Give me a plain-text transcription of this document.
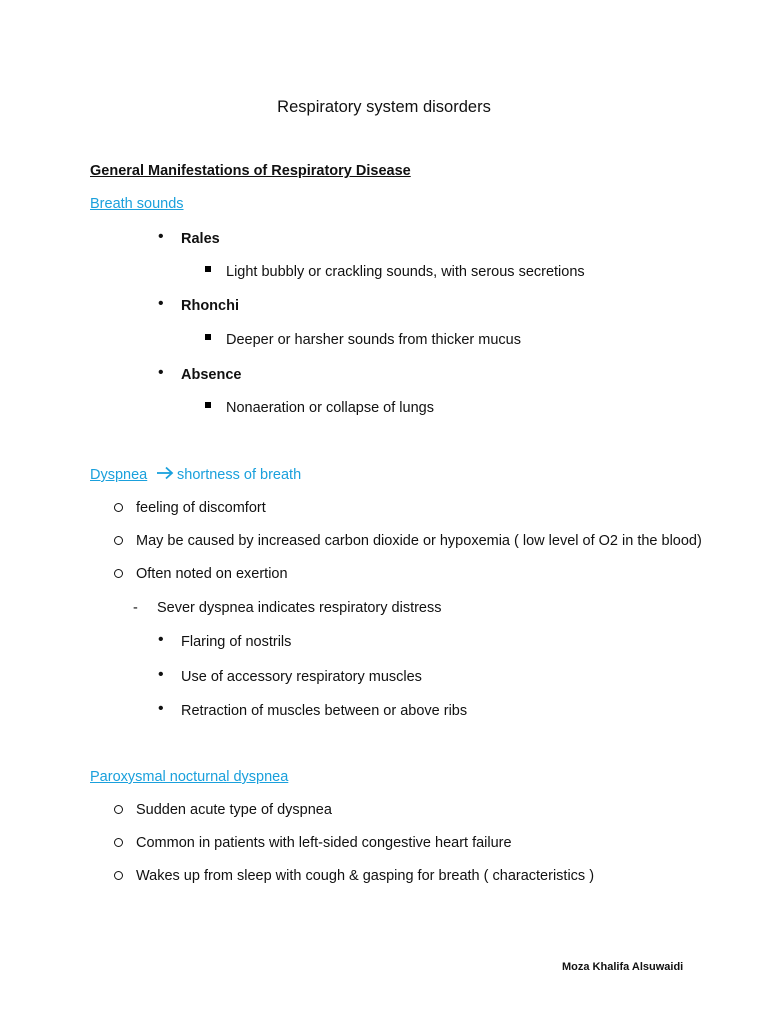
Respiratory system disorders
General Manifestations of Respiratory Disease
Breath sounds
• Rales
Light bubbly or crackling sounds, with serous secretions
• Rhonchi
Deeper or harsher sounds from thicker mucus
• Absence
Nonaeration or collapse of lungs
Dyspnea shortness of breath
feeling of discomfort
May be caused by increased carbon dioxide or hypoxemia ( low level of O2 in the blood)
Often noted on exertion
- Sever dyspnea indicates respiratory distress
• Flaring of nostrils
• Use of accessory respiratory muscles
• Retraction of muscles between or above ribs
Paroxysmal nocturnal dyspnea
Sudden acute type of dyspnea
Common in patients with left-sided congestive heart failure
Wakes up from sleep with cough & gasping for breath ( characteristics )
Moza Khalifa Alsuwaidi
